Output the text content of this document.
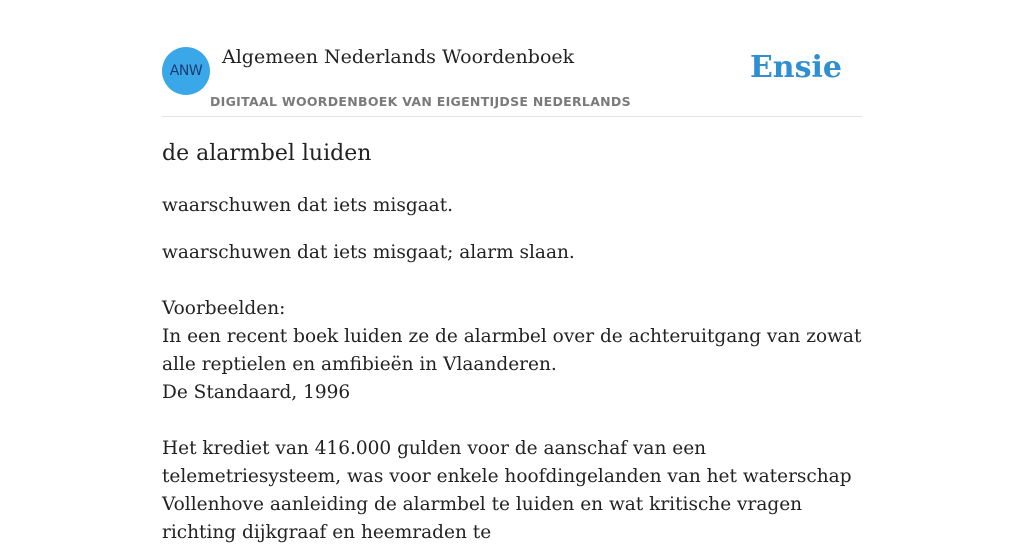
ANW
Algemeen Nederlands Woordenboek
DIGITAAL WOORDENBOEK VAN EIGENTIJDSE NEDERLANDS
Ensie
de alarmbel luiden

waarschuwen dat iets misgaat.

waarschuwen dat iets misgaat; alarm slaan.
Voorbeelden:
In een recent boek luiden ze de alarmbel over de achteruitgang van zowat alle reptielen en amfibieën in Vlaanderen.
De Standaard, 1996
Het krediet van 416.000 gulden voor de aanschaf van een telemetriesysteem, was voor enkele hoofdingelanden van het waterschap Vollenhove aanleiding de alarmbel te luiden en wat kritische vragen richting dijkgraaf en heemraden te
